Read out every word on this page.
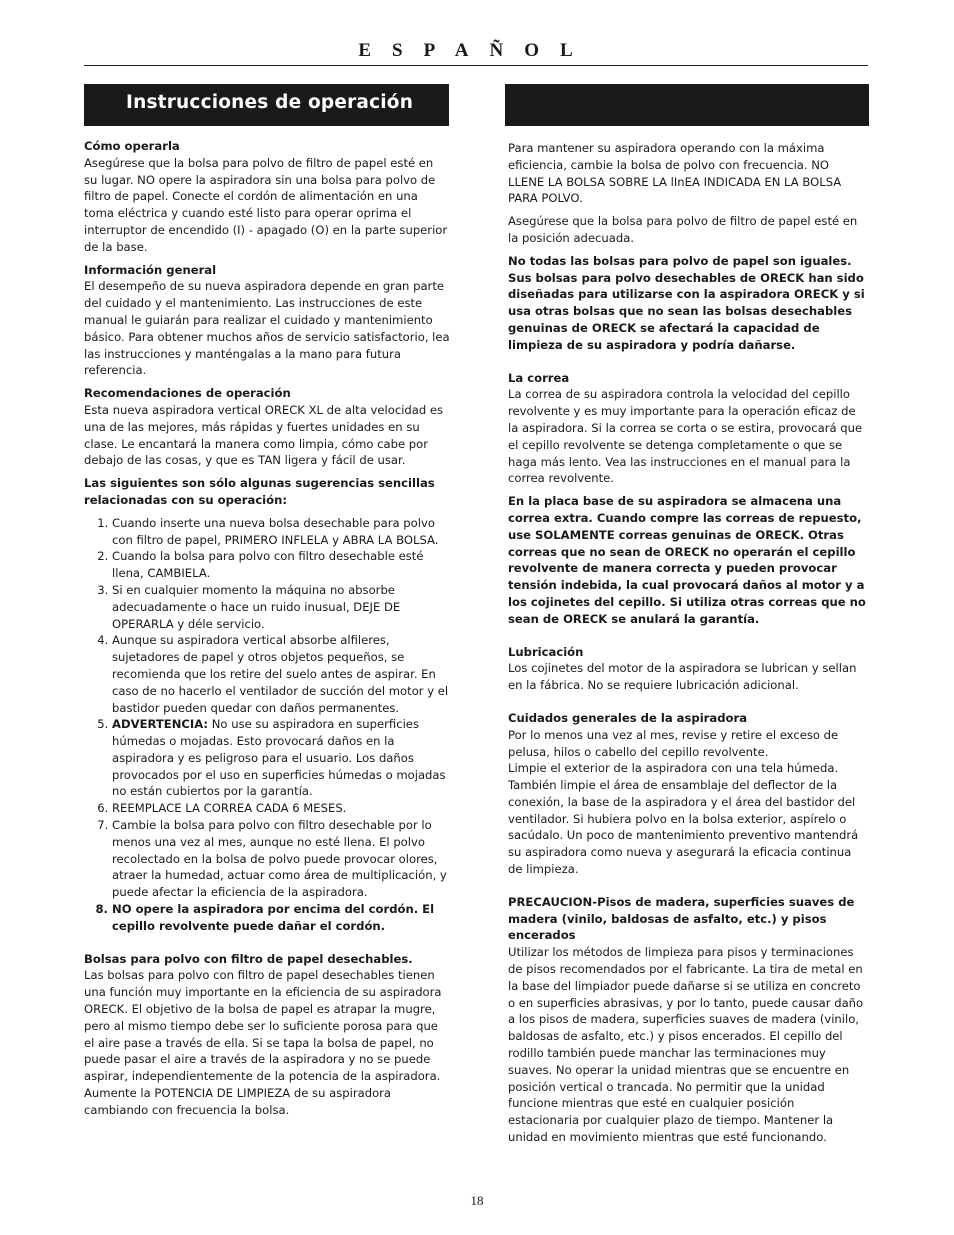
ESPAÑOL
Instrucciones de operación

Cómo operarla

Asegúrese que la bolsa para polvo de filtro de papel esté en su lugar. NO opere la aspiradora sin una bolsa para polvo de filtro de papel. Conecte el cordón de alimentación en una toma eléctrica y cuando esté listo para operar oprima el interruptor de encendido (I) - apagado (O) en la parte superior de la base.

Información general

El desempeño de su nueva aspiradora depende en gran parte del cuidado y el mantenimiento. Las instrucciones de este manual le guiarán para realizar el cuidado y mantenimiento básico. Para obtener muchos años de servicio satisfactorio, lea las instrucciones y manténgalas a la mano para futura referencia.

Recomendaciones de operación

Esta nueva aspiradora vertical ORECK XL de alta velocidad es una de las mejores, más rápidas y fuertes unidades en su clase. Le encantará la manera como limpia, cómo cabe por debajo de las cosas, y que es TAN ligera y fácil de usar.

Las siguientes son sólo algunas sugerencias sencillas relacionadas con su operación:

1. Cuando inserte una nueva bolsa desechable para polvo con filtro de papel, PRIMERO INFLELA y ABRA LA BOLSA.
2. Cuando la bolsa para polvo con filtro desechable esté llena, CAMBIELA.
3. Si en cualquier momento la máquina no absorbe adecuadamente o hace un ruido inusual, DEJE DE OPERARLA y déle servicio.
4. Aunque su aspiradora vertical absorbe alfileres, sujetadores de papel y otros objetos pequeños, se recomienda que los retire del suelo antes de aspirar. En caso de no hacerlo el ventilador de succión del motor y el bastidor pueden quedar con daños permanentes.
5. ADVERTENCIA: No use su aspiradora en superficies húmedas o mojadas. Esto provocará daños en la aspiradora y es peligroso para el usuario. Los daños provocados por el uso en superficies húmedas o mojadas no están cubiertos por la garantía.
6. REEMPLACE LA CORREA CADA 6 MESES.
7. Cambie la bolsa para polvo con filtro desechable por lo menos una vez al mes, aunque no esté llena. El polvo recolectado en la bolsa de polvo puede provocar olores, atraer la humedad, actuar como área de multiplicación, y puede afectar la eficiencia de la aspiradora.
8. NO opere la aspiradora por encima del cordón. El cepillo revolvente puede dañar el cordón.

Bolsas para polvo con filtro de papel desechables.

Las bolsas para polvo con filtro de papel desechables tienen una función muy importante en la eficiencia de su aspiradora ORECK. El objetivo de la bolsa de papel es atrapar la mugre, pero al mismo tiempo debe ser lo suficiente porosa para que el aire pase a través de ella. Si se tapa la bolsa de papel, no puede pasar el aire a través de la aspiradora y no se puede aspirar, independientemente de la potencia de la aspiradora. Aumente la POTENCIA DE LIMPIEZA de su aspiradora cambiando con frecuencia la bolsa.

Para mantener su aspiradora operando con la máxima eficiencia, cambie la bolsa de polvo con frecuencia. NO LLENE LA BOLSA SOBRE LA lInEA INDICADA EN LA BOLSA PARA POLVO.

Asegúrese que la bolsa para polvo de filtro de papel esté en la posición adecuada.

No todas las bolsas para polvo de papel son iguales. Sus bolsas para polvo desechables de ORECK han sido diseñadas para utilizarse con la aspiradora ORECK y si usa otras bolsas que no sean las bolsas desechables genuinas de ORECK se afectará la capacidad de limpieza de su aspiradora y podría dañarse.

La correa

La correa de su aspiradora controla la velocidad del cepillo revolvente y es muy importante para la operación eficaz de la aspiradora. Si la correa se corta o se estira, provocará que el cepillo revolvente se detenga completamente o que se haga más lento. Vea las instrucciones en el manual para la correa revolvente.

En la placa base de su aspiradora se almacena una correa extra. Cuando compre las correas de repuesto, use SOLAMENTE correas genuinas de ORECK. Otras correas que no sean de ORECK no operarán el cepillo revolvente de manera correcta y pueden provocar tensión indebida, la cual provocará daños al motor y a los cojinetes del cepillo. Si utiliza otras correas que no sean de ORECK se anulará la garantía.

Lubricación

Los cojinetes del motor de la aspiradora se lubrican y sellan en la fábrica. No se requiere lubricación adicional.

Cuidados generales de la aspiradora

Por lo menos una vez al mes, revise y retire el exceso de pelusa, hilos o cabello del cepillo revolvente.

Limpie el exterior de la aspiradora con una tela húmeda. También limpie el área de ensamblaje del deflector de la conexión, la base de la aspiradora y el área del bastidor del ventilador. Si hubiera polvo en la bolsa exterior, aspírelo o sacúdalo. Un poco de mantenimiento preventivo mantendrá su aspiradora como nueva y asegurará la eficacia continua de limpieza.

PRECAUCION-Pisos de madera, superficies suaves de madera (vinilo, baldosas de asfalto, etc.) y pisos encerados

Utilizar los métodos de limpieza para pisos y terminaciones de pisos recomendados por el fabricante. La tira de metal en la base del limpiador puede dañarse si se utiliza en concreto o en superficies abrasivas, y por lo tanto, puede causar daño a los pisos de madera, superficies suaves de madera (vinilo, baldosas de asfalto, etc.) y pisos encerados. El cepillo del rodillo también puede manchar las terminaciones muy suaves. No operar la unidad mientras que se encuentre en posición vertical o trancada. No permitir que la unidad funcione mientras que esté en cualquier posición estacionaria por cualquier plazo de tiempo. Mantener la unidad en movimiento mientras que esté funcionando.

18
